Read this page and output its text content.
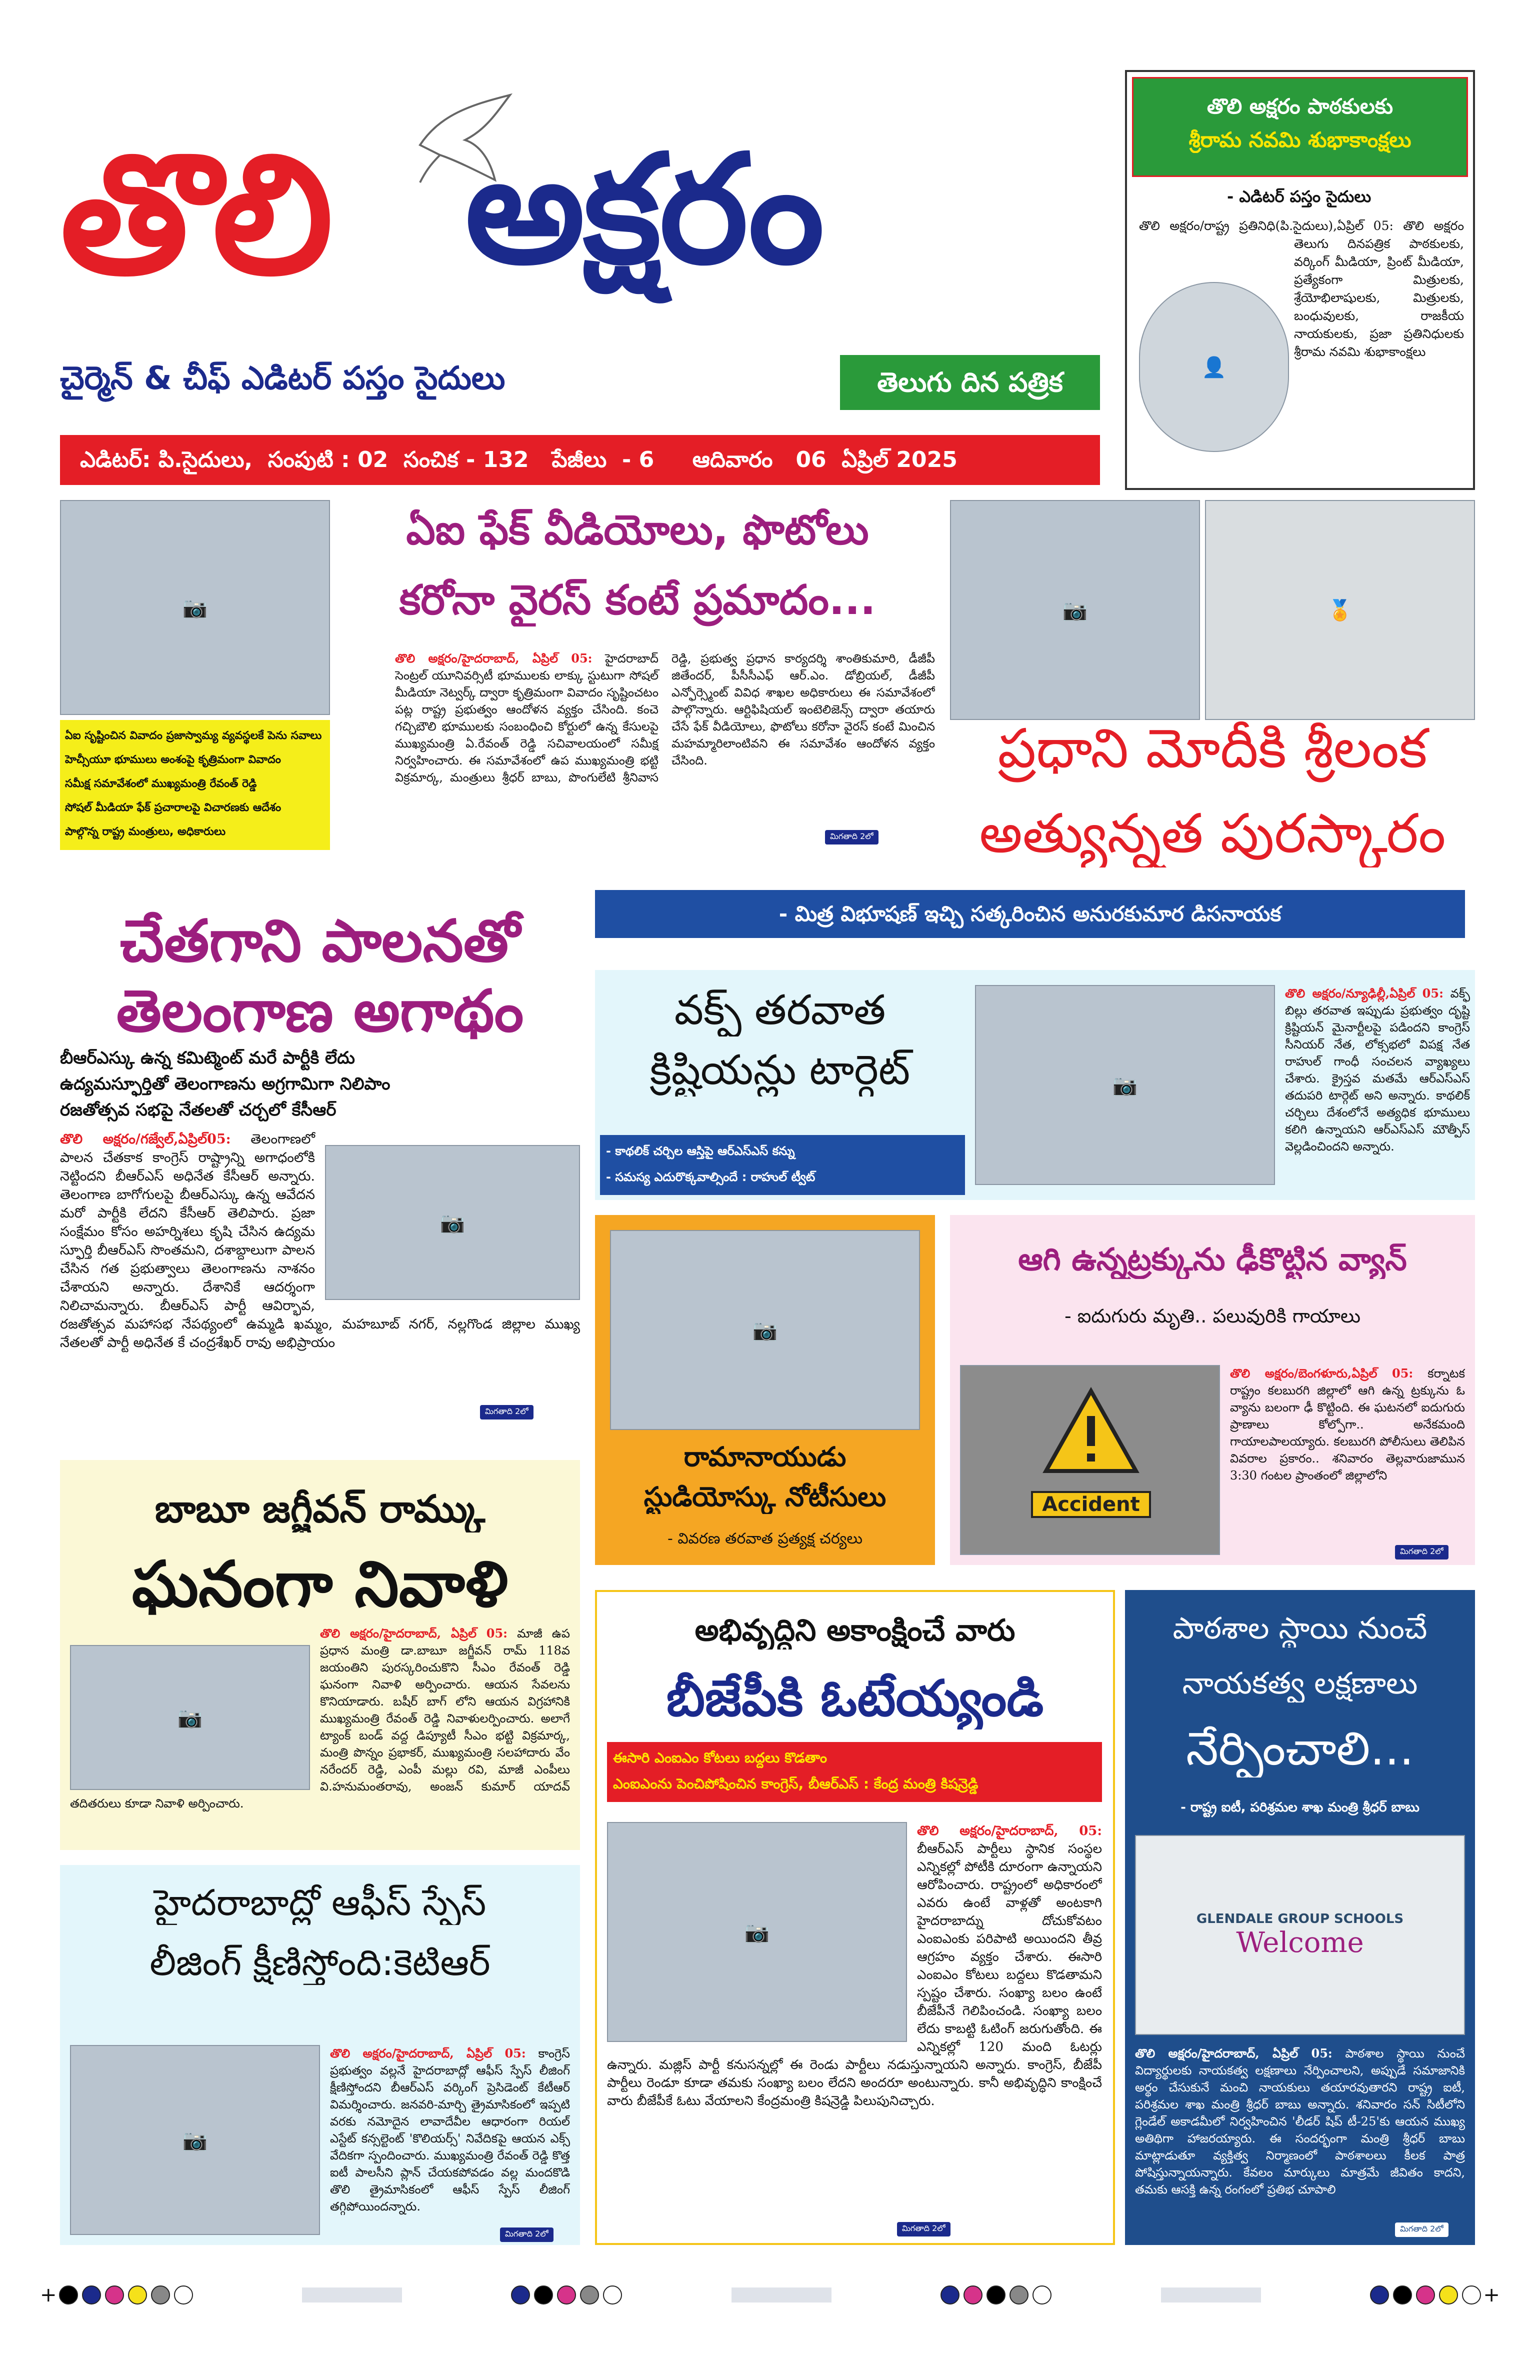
తొలి అక్షరం
చైర్మెన్ & చీఫ్ ఎడిటర్ పస్తం సైదులు	తెలుగు దిన పత్రిక
ఎడిటర్: పి.సైదులు,  సంపుటి : 02  సంచిక - 132   పేజీలు  - 6     ఆదివారం   06  ఏప్రిల్ 2025
తొలి అక్షరం పాఠకులకు
శ్రీరామ నవమి శుభాకాంక్షలు
- ఎడిటర్ పస్తం సైదులు
👤
తొలి అక్షరం/రాష్ట్ర ప్రతినిధి(పి.సైదులు),ఏప్రిల్ 05: తొలి అక్షరం తెలుగు దినపత్రిక పాఠకులకు, వర్కింగ్ మీడియా, ప్రింట్ మీడియా, ప్రత్యేకంగా మిత్రులకు, శ్రేయోభిలాషులకు, మిత్రులకు, బంధువులకు, రాజకీయ నాయకులకు, ప్రజా ప్రతినిధులకు శ్రీరామ నవమి శుభాకాంక్షలు
📷
ఏఐ ఫేక్ వీడియోలు, ఫొటోలు
కరోనా వైరస్ కంటే ప్రమాదం...
ఏఐ సృష్టించిన వివాదం ప్రజాస్వామ్య వ్యవస్థలకే పెను సవాలు
హెచ్సీయూ భూములు అంశంపై కృత్రిమంగా వివాదం
సమీక్ష సమావేశంలో ముఖ్యమంత్రి రేవంత్ రెడ్డి
సోషల్ మీడియా ఫేక్ ప్రచారాలపై విచారణకు ఆదేశం
పాల్గొన్న రాష్ట్ర మంత్రులు, అధికారులు
తొలి అక్షరం/హైదరాబాద్, ఏప్రిల్ 05: హైదరాబాద్ సెంట్రల్ యూనివర్సిటీ భూములకు లాక్కు స్టుటుగా సోషల్ మీడియా నెట్వర్క్ ద్వారా కృత్రిమంగా వివాదం సృష్టించటం పట్ల రాష్ట్ర ప్రభుత్వం ఆందోళన వ్యక్తం చేసింది. కంచె గచ్చిబౌలి భూములకు సంబంధించి కోర్టులో ఉన్న కేసులపై ముఖ్యమంత్రి ఏ.రేవంత్ రెడ్డి సచివాలయంలో సమీక్ష నిర్వహించారు. ఈ సమావేశంలో ఉప ముఖ్యమంత్రి భట్టి విక్రమార్క, మంత్రులు శ్రీధర్ బాబు, పొంగులేటి శ్రీనివాస రెడ్డి, ప్రభుత్వ ప్రధాన కార్యదర్శి శాంతికుమారి, డీజీపీ జితేందర్, పీసీసీఎఫ్ ఆర్.ఎం. డోబ్రియల్, డీజీపీ ఎన్ఫోర్స్మెంట్ వివిధ శాఖల అధికారులు ఈ సమావేశంలో పాల్గొన్నారు. ఆర్టిఫిషియల్ ఇంటెలిజెన్స్ ద్వారా తయారు చేసే ఫేక్ వీడియోలు, ఫొటోలు కరోనా వైరస్ కంటే మించిన మహమ్మారిలాంటివని ఈ సమావేశం ఆందోళన వ్యక్తం చేసింది.
మిగతాది 2లో
📷	🏅
ప్రధాని మోదీకి శ్రీలంక
అత్యున్నత పురస్కారం
- మిత్ర విభూషణ్ ఇచ్చి సత్కరించిన అనురకుమార డిసనాయక
చేతగాని పాలనతో
తెలంగాణ అగాథం
బీఆర్ఎస్కు ఉన్న కమిట్మెంట్ మరే పార్టీకి లేదు
ఉద్యమస్ఫూర్తితో తెలంగాణను అగ్రగామిగా నిలిపాం
రజతోత్సవ సభపై నేతలతో చర్చలో కేసీఆర్
📷
తొలి అక్షరం/గజ్వేల్,ఏప్రిల్05: తెలంగాణలో పాలన చేతకాక కాంగ్రెస్ రాష్ట్రాన్ని అగాధంలోకి నెట్టిందని బీఆర్ఎస్ అధినేత కేసీఆర్ అన్నారు. తెలంగాణ బాగోగులపై బీఆర్ఎస్కు ఉన్న ఆవేదన మరో పార్టీకి లేదని కేసీఆర్ తెలిపారు. ప్రజా సంక్షేమం కోసం అహర్నిశలు కృషి చేసిన ఉద్యమ స్ఫూర్తి బీఆర్ఎస్ సొంతమని, దశాబ్దాలుగా పాలన చేసిన గత ప్రభుత్వాలు తెలంగాణను నాశనం చేశాయని అన్నారు. దేశానికే ఆదర్శంగా నిలిచామన్నారు. బీఆర్ఎస్ పార్టీ ఆవిర్భావ, రజతోత్సవ మహాసభ నేపథ్యంలో ఉమ్మడి ఖమ్మం, మహబూబ్ నగర్, నల్లగొండ జిల్లాల ముఖ్య నేతలతో పార్టీ అధినేత కే చంద్రశేఖర్ రావు అభిప్రాయం
మిగతాది 2లో
వక్ఫ్ తరవాత
క్రిష్టియన్లు టార్గెట్
- కాథలిక్ చర్చిల ఆస్తిపై ఆర్ఎస్ఎస్ కన్ను
- సమస్య ఎదురొక్కవాల్సిందే : రాహుల్ ట్వీట్
📷
తొలి అక్షరం/న్యూఢిల్లీ,ఏప్రిల్ 05: వక్ఫ్ బిల్లు తరవాత ఇప్పుడు ప్రభుత్వం దృష్టి క్రిష్టియన్ మైనార్టీలపై పడిందని కాంగ్రెస్ సీనియర్ నేత, లోక్సభలో విపక్ష నేత రాహుల్ గాంధీ సంచలన వ్యాఖ్యలు చేశారు. క్రైస్తవ మతమే ఆర్ఎస్ఎస్ తదుపరి టార్గెట్ అని అన్నారు. కాథలిక్ చర్చిలు దేశంలోనే అత్యధిక భూములు కలిగి ఉన్నాయని ఆర్ఎస్ఎస్ మౌత్పీస్ వెల్లడించిందని అన్నారు.
📷
రామానాయుడు
స్టుడియోస్కు నోటీసులు
- వివరణ తరవాత ప్రత్యక్ష చర్యలు
ఆగి ఉన్నట్రక్కును ఢీకొట్టిన వ్యాన్
- ఐదుగురు మృతి.. పలువురికి గాయాలు
Accident
తొలి అక్షరం/బెంగళూరు,ఏప్రిల్ 05: కర్నాటక రాష్ట్రం కలబురగి జిల్లాలో ఆగి ఉన్న ట్రక్కును ఓ వ్యాను బలంగా ఢీ కొట్టింది. ఈ ఘటనలో ఐదుగురు ప్రాణాలు కోల్పోగా.. అనేకమంది గాయాలపాలయ్యారు. కలబురగి పోలీసులు తెలిపిన వివరాల ప్రకారం.. శనివారం తెల్లవారుజామున 3:30 గంటల ప్రాంతంలో జిల్లాలోని
మిగతాది 2లో
బాబూ జగ్జీవన్ రామ్కు
ఘనంగా నివాళి
📷
తొలి అక్షరం/హైదరాబాద్, ఏప్రిల్ 05: మాజీ ఉప ప్రధాన మంత్రి డా.బాబూ జగ్జీవన్ రామ్ 118వ జయంతిని పురస్కరించుకొని సీఎం రేవంత్ రెడ్డి ఘనంగా నివాళి అర్పించారు. ఆయన సేవలను కొనియాడారు. బషీర్ బాగ్ లోని ఆయన విగ్రహానికి ముఖ్యమంత్రి రేవంత్ రెడ్డి నివాళులర్పించారు. అలాగే ట్యాంక్ బండ్ వద్ద డిప్యూటీ సీఎం భట్టి విక్రమార్క, మంత్రి పొన్నం ప్రభాకర్, ముఖ్యమంత్రి సలహాదారు వేం నరేందర్ రెడ్డి, ఎంపీ మల్లు రవి, మాజీ ఎంపీలు వి.హనుమంతరావు, అంజన్ కుమార్ యాదవ్ తదితరులు కూడా నివాళి అర్పించారు.
అభివృద్ధిని అకాంక్షించే వారు
బీజేపీకి ఓటేయ్యండి
ఈసారి ఎంఐఎం కోటలు బద్దలు కొడతాం
ఎంఐఎంను పెంచిపోషించిన కాంగ్రెస్, బీఆర్ఎస్ : కేంద్ర మంత్రి కిషన్రెడ్డి
📷
తొలి అక్షరం/హైదరాబాద్, 05: బీఆర్ఎస్ పార్టీలు స్థానిక సంస్థల ఎన్నికల్లో పోటీకి దూరంగా ఉన్నాయని ఆరోపించారు. రాష్ట్రంలో అధికారంలో ఎవరు ఉంటే వాళ్లతో అంటకాగి హైదరాబాద్ను దోచుకోవటం ఎంఐఎంకు పరిపాటి అయిందని తీవ్ర ఆగ్రహం వ్యక్తం చేశారు. ఈసారి ఎంఐఎం కోటలు బద్దలు కొడతామని స్పష్టం చేశారు. సంఖ్యా బలం ఉంటే బీజేపీనే గెలిపించండి. సంఖ్యా బలం లేదు కాబట్టి ఓటింగ్ జరుగుతోంది. ఈ ఎన్నికల్లో 120 మంది ఓటర్లు ఉన్నారు. మజ్లిస్ పార్టీ కనుసన్నల్లో ఈ రెండు పార్టీలు నడుస్తున్నాయని అన్నారు. కాంగ్రెస్, బీజేపీ పార్టీలు రెండూ కూడా తమకు సంఖ్యా బలం లేదని అందరూ అంటున్నారు. కానీ అభివృద్ధిని కాంక్షించే వారు బీజేపీకే ఓటు వేయాలని కేంద్రమంత్రి కిషన్రెడ్డి పిలుపునిచ్చారు.
మిగతాది 2లో
పాఠశాల స్థాయి నుంచే
నాయకత్వ లక్షణాలు
నేర్పించాలి...
- రాష్ట్ర ఐటీ, పరిశ్రమల శాఖ మంత్రి శ్రీధర్ బాబు
GLENDALE GROUP SCHOOLS
Welcome
తొలి అక్షరం/హైదరాబాద్, ఏప్రిల్ 05: పాఠశాల స్థాయి నుంచే విద్యార్థులకు నాయకత్వ లక్షణాలు నేర్పించాలని, అప్పుడే సమాజానికి అర్థం చేసుకునే మంచి నాయకులు తయారవుతారని రాష్ట్ర ఐటీ, పరిశ్రమల శాఖ మంత్రి శ్రీధర్ బాబు అన్నారు. శనివారం సన్ సిటీలోని గ్లెండేల్ అకాడమీలో నిర్వహించిన 'లీడర్ షిప్ టీ-25'కు ఆయన ముఖ్య అతిథిగా హాజరయ్యారు. ఈ సందర్భంగా మంత్రి శ్రీధర్ బాబు మాట్లాడుతూ వ్యక్తిత్వ నిర్మాణంలో పాఠశాలలు కీలక పాత్ర పోషిస్తున్నాయన్నారు. కేవలం మార్కులు మాత్రమే జీవితం కాదని, తమకు ఆసక్తి ఉన్న రంగంలో ప్రతిభ చూపాలి
మిగతాది 2లో
హైదరాబాద్లో ఆఫీస్ స్పేస్
లీజింగ్ క్షీణిస్తోంది:కెటిఆర్
📷
తొలి అక్షరం/హైదరాబాద్, ఏప్రిల్ 05: కాంగ్రెస్ ప్రభుత్వం వల్లనే హైదరాబాద్లో ఆఫీస్ స్పేస్ లీజింగ్ క్షీణిస్తోందని బీఆర్ఎస్ వర్కింగ్ ప్రెసిడెంట్ కేటీఆర్ విమర్శించారు. జనవరి-మార్చి త్రైమాసికంలో ఇప్పటి వరకు నమోదైన లావాదేవీల ఆధారంగా రియల్ ఎస్టేట్ కన్సల్టెంట్ 'కొలియర్స్' నివేదికపై ఆయన ఎక్స్ వేదికగా స్పందించారు. ముఖ్యమంత్రి రేవంత్ రెడ్డి కొత్త ఐటీ పాలసీని ప్లాన్ చేయకపోవడం వల్ల మందకొడి తొలి త్రైమాసికంలో ఆఫీస్ స్పేస్ లీజింగ్ తగ్గిపోయిందన్నారు.
మిగతాది 2లో
+	+
